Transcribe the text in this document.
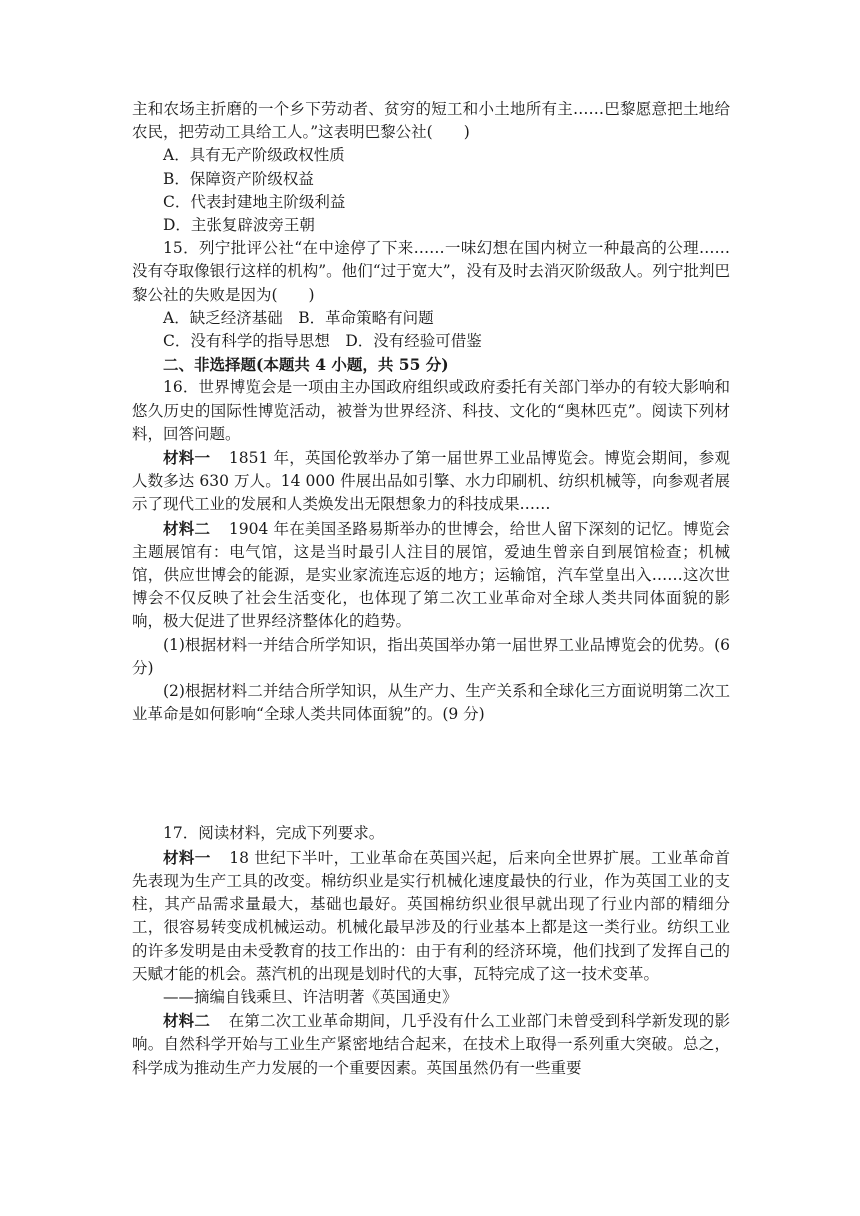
主和农场主折磨的一个乡下劳动者、贫穷的短工和小土地所有主……巴黎愿意把土地给农民，把劳动工具给工人。”这表明巴黎公社(　　)

A．具有无产阶级政权性质

B．保障资产阶级权益

C．代表封建地主阶级利益

D．主张复辟波旁王朝

15．列宁批评公社“在中途停了下来……一味幻想在国内树立一种最高的公理……没有夺取像银行这样的机构”。他们“过于宽大”，没有及时去消灭阶级敌人。列宁批判巴黎公社的失败是因为(　　)

A．缺乏经济基础　B．革命策略有问题

C．没有科学的指导思想　D．没有经验可借鉴

二、非选择题(本题共 4 小题，共 55 分)

16．世界博览会是一项由主办国政府组织或政府委托有关部门举办的有较大影响和悠久历史的国际性博览活动，被誉为世界经济、科技、文化的“奥林匹克”。阅读下列材料，回答问题。

材料一 1851 年，英国伦敦举办了第一届世界工业品博览会。博览会期间，参观人数多达 630 万人。14 000 件展出品如引擎、水力印刷机、纺织机械等，向参观者展示了现代工业的发展和人类焕发出无限想象力的科技成果……

材料二 1904 年在美国圣路易斯举办的世博会，给世人留下深刻的记忆。博览会主题展馆有：电气馆，这是当时最引人注目的展馆，爱迪生曾亲自到展馆检查；机械馆，供应世博会的能源，是实业家流连忘返的地方；运输馆，汽车堂皇出入……这次世博会不仅反映了社会生活变化，也体现了第二次工业革命对全球人类共同体面貌的影响，极大促进了世界经济整体化的趋势。

(1)根据材料一并结合所学知识，指出英国举办第一届世界工业品博览会的优势。(6 分)

(2)根据材料二并结合所学知识，从生产力、生产关系和全球化三方面说明第二次工业革命是如何影响“全球人类共同体面貌”的。(9 分)

17．阅读材料，完成下列要求。

材料一 18 世纪下半叶，工业革命在英国兴起，后来向全世界扩展。工业革命首先表现为生产工具的改变。棉纺织业是实行机械化速度最快的行业，作为英国工业的支柱，其产品需求量最大，基础也最好。英国棉纺织业很早就出现了行业内部的精细分工，很容易转变成机械运动。机械化最早涉及的行业基本上都是这一类行业。纺织工业的许多发明是由未受教育的技工作出的：由于有利的经济环境，他们找到了发挥自己的天赋才能的机会。蒸汽机的出现是划时代的大事，瓦特完成了这一技术变革。

——摘编自钱乘旦、许洁明著《英国通史》

材料二 在第二次工业革命期间，几乎没有什么工业部门未曾受到科学新发现的影响。自然科学开始与工业生产紧密地结合起来，在技术上取得一系列重大突破。总之，科学成为推动生产力发展的一个重要因素。英国虽然仍有一些重要
